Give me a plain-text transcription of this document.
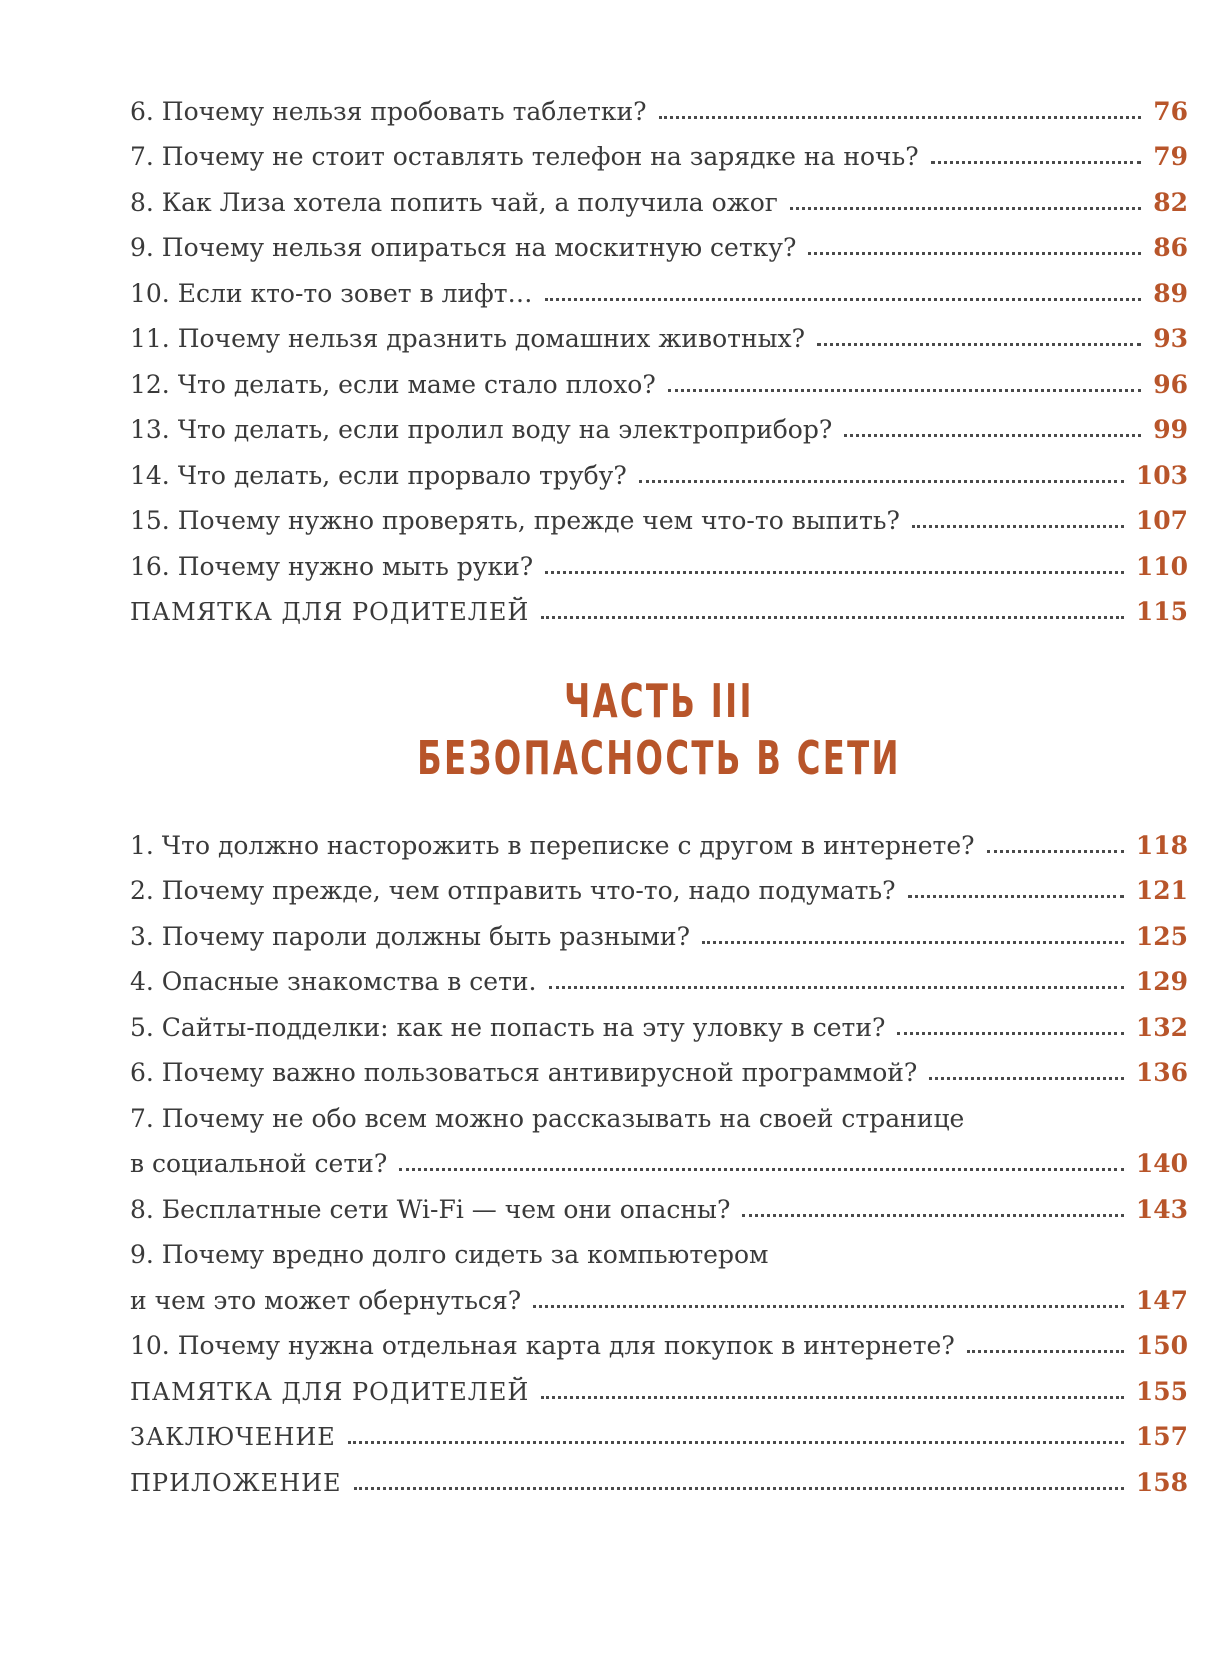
6. Почему нельзя пробовать таблетки?	76
7. Почему не стоит оставлять телефон на зарядке на ночь?	79
8. Как Лиза хотела попить чай, а получила ожог	82
9. Почему нельзя опираться на москитную сетку?	86
10. Если кто-то зовет в лифт…	89
11. Почему нельзя дразнить домашних животных?	93
12. Что делать, если маме стало плохо?	96
13. Что делать, если пролил воду на электроприбор?	99
14. Что делать, если прорвало трубу?	103
15. Почему нужно проверять, прежде чем что-то выпить?	107
16. Почему нужно мыть руки?	110
ПАМЯТКА ДЛЯ РОДИТЕЛЕЙ	115
ЧАСТЬ III
БЕЗОПАСНОСТЬ В СЕТИ
1. Что должно насторожить в переписке с другом в интернете?	118
2. Почему прежде, чем отправить что-то, надо подумать?	121
3. Почему пароли должны быть разными?	125
4. Опасные знакомства в сети.	129
5. Сайты-подделки: как не попасть на эту уловку в сети?	132
6. Почему важно пользоваться антивирусной программой?	136
7. Почему не обо всем можно рассказывать на своей странице
в социальной сети?	140
8. Бесплатные сети Wi-Fi — чем они опасны?	143
9. Почему вредно долго сидеть за компьютером
и чем это может обернуться?	147
10. Почему нужна отдельная карта для покупок в интернете?	150
ПАМЯТКА ДЛЯ РОДИТЕЛЕЙ	155
ЗАКЛЮЧЕНИЕ	157
ПРИЛОЖЕНИЕ	158
